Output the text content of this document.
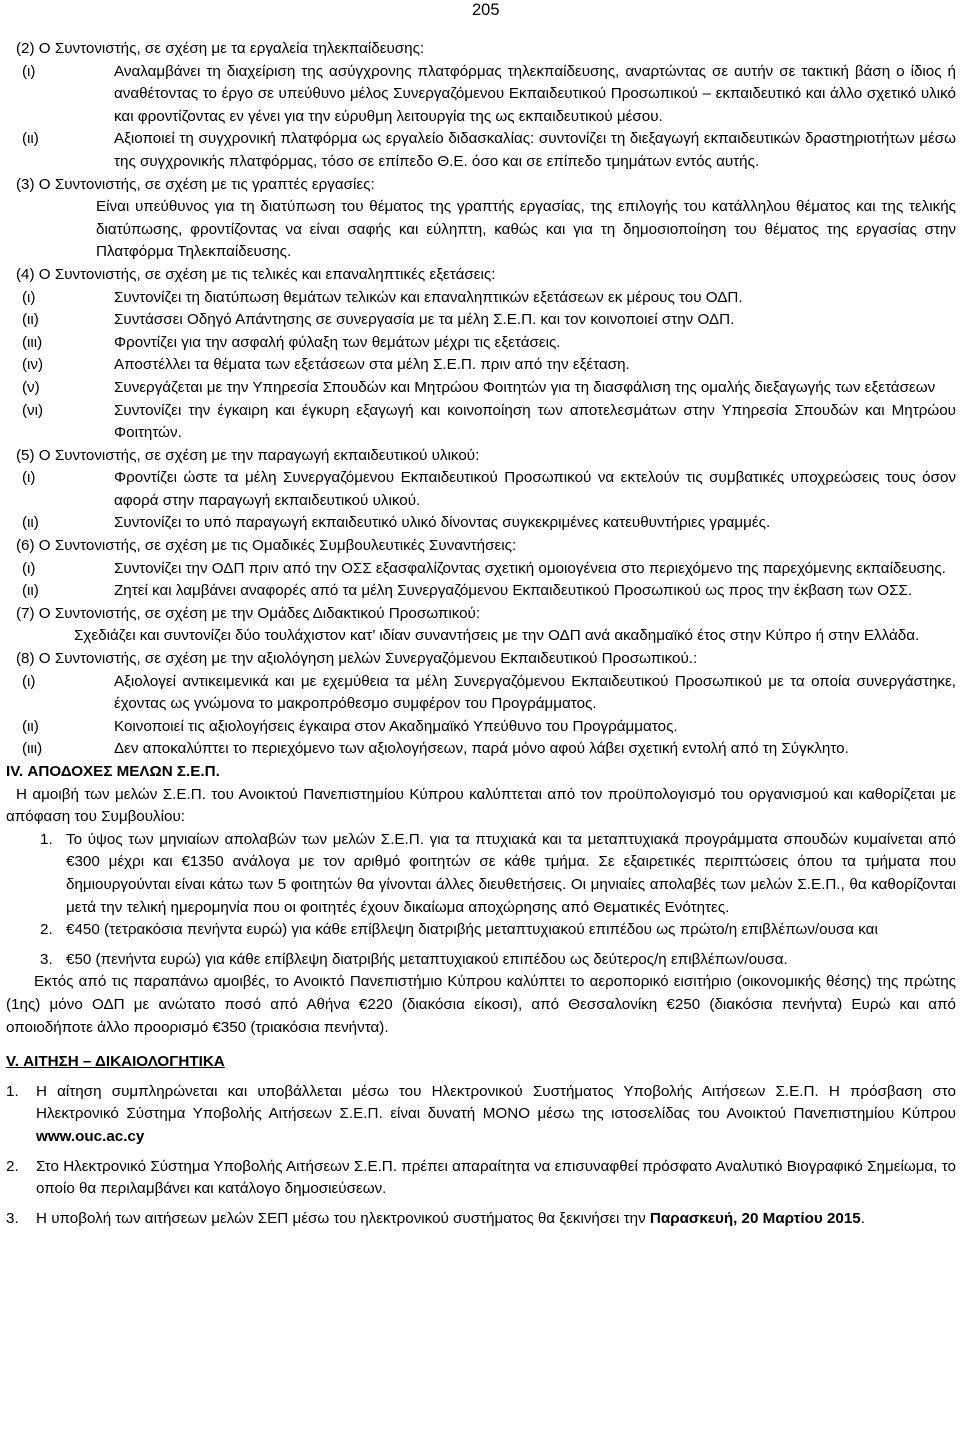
205

(2) Ο Συντονιστής, σε σχέση με τα εργαλεία τηλεκπαίδευσης:

(ι)	Αναλαμβάνει τη διαχείριση της ασύγχρονης πλατφόρμας τηλεκπαίδευσης, αναρτώντας σε αυτήν σε τακτική βάση ο ίδιος ή αναθέτοντας το έργο σε υπεύθυνο μέλος Συνεργαζόμενου Εκπαιδευτικού Προσωπικού – εκπαιδευτικό και άλλο σχετικό υλικό και φροντίζοντας εν γένει για την εύρυθμη λειτουργία της ως εκπαιδευτικού μέσου.
(ιι)	Αξιοποιεί τη συγχρονική πλατφόρμα ως εργαλείο διδασκαλίας: συντονίζει τη διεξαγωγή εκπαιδευτικών δραστηριοτήτων μέσω της συγχρονικής πλατφόρμας, τόσο σε επίπεδο Θ.Ε. όσο και σε επίπεδο τμημάτων εντός αυτής.

(3) Ο Συντονιστής, σε σχέση με τις γραπτές εργασίες:

Είναι υπεύθυνος για τη διατύπωση του θέματος της γραπτής εργασίας, της επιλογής του κατάλληλου θέματος και της τελικής διατύπωσης, φροντίζοντας να είναι σαφής και εύληπτη, καθώς και για τη δημοσιοποίηση του θέματος της εργασίας στην Πλατφόρμα Τηλεκπαίδευσης.

(4) Ο Συντονιστής, σε σχέση με τις τελικές και επαναληπτικές εξετάσεις:

(ι)	Συντονίζει τη διατύπωση θεμάτων τελικών και επαναληπτικών εξετάσεων εκ μέρους του ΟΔΠ.
(ιι)	Συντάσσει Οδηγό Απάντησης σε συνεργασία με τα μέλη Σ.Ε.Π. και τον κοινοποιεί στην ΟΔΠ.
(ιιι)	Φροντίζει για την ασφαλή φύλαξη των θεμάτων μέχρι τις εξετάσεις.
(ιν)	Αποστέλλει τα θέματα των εξετάσεων στα μέλη Σ.Ε.Π. πριν από την εξέταση.
(ν)	Συνεργάζεται με την Υπηρεσία Σπουδών και Μητρώου Φοιτητών για τη διασφάλιση της ομαλής διεξαγωγής των εξετάσεων
(νι)	Συντονίζει την έγκαιρη και έγκυρη εξαγωγή και κοινοποίηση των αποτελεσμάτων στην Υπηρεσία Σπουδών και Μητρώου Φοιτητών.

(5) Ο Συντονιστής, σε σχέση με την παραγωγή εκπαιδευτικού υλικού:

(ι)	Φροντίζει ώστε τα μέλη Συνεργαζόμενου Εκπαιδευτικού Προσωπικού να εκτελούν τις συμβατικές υποχρεώσεις τους όσον αφορά στην παραγωγή εκπαιδευτικού υλικού.
(ιι)	Συντονίζει το υπό παραγωγή εκπαιδευτικό υλικό δίνοντας συγκεκριμένες κατευθυντήριες γραμμές.

(6) Ο Συντονιστής, σε σχέση με τις Ομαδικές Συμβουλευτικές Συναντήσεις:

(ι)	Συντονίζει την ΟΔΠ πριν από την ΟΣΣ εξασφαλίζοντας σχετική ομοιογένεια στο περιεχόμενο της παρεχόμενης εκπαίδευσης.
(ιι)	Ζητεί και λαμβάνει αναφορές από τα μέλη Συνεργαζόμενου Εκπαιδευτικού Προσωπικού ως προς την έκβαση των ΟΣΣ.

(7) Ο Συντονιστής, σε σχέση με την Ομάδες Διδακτικού Προσωπικού:

Σχεδιάζει και συντονίζει δύο τουλάχιστον κατ’ ιδίαν συναντήσεις με την ΟΔΠ ανά ακαδημαϊκό έτος στην Κύπρο ή στην Ελλάδα.

(8) Ο Συντονιστής, σε σχέση με την αξιολόγηση μελών Συνεργαζόμενου Εκπαιδευτικού Προσωπικού.:

(ι)	Αξιολογεί αντικειμενικά και με εχεμύθεια τα μέλη Συνεργαζόμενου Εκπαιδευτικού Προσωπικού με τα οποία συνεργάστηκε, έχοντας ως γνώμονα το μακροπρόθεσμο συμφέρον του Προγράμματος.
(ιι)	Κοινοποιεί τις αξιολογήσεις έγκαιρα στον Ακαδημαϊκό Υπεύθυνο του Προγράμματος.
(ιιι)	Δεν αποκαλύπτει το περιεχόμενο των αξιολογήσεων, παρά μόνο αφού λάβει σχετική εντολή από τη Σύγκλητο.

IV. ΑΠΟΔΟΧΕΣ ΜΕΛΩΝ Σ.Ε.Π.

Η αμοιβή των μελών Σ.Ε.Π. του Ανοικτού Πανεπιστημίου Κύπρου καλύπτεται από τον προϋπολογισμό του οργανισμού και καθορίζεται με απόφαση του Συμβουλίου:

1. Το ύψος των μηνιαίων απολαβών των μελών Σ.Ε.Π. για τα πτυχιακά και τα μεταπτυχιακά προγράμματα σπουδών κυμαίνεται από €300 μέχρι και €1350 ανάλογα με τον αριθμό φοιτητών σε κάθε τμήμα. Σε εξαιρετικές περιπτώσεις όπου τα τμήματα που δημιουργούνται είναι κάτω των 5 φοιτητών θα γίνονται άλλες διευθετήσεις. Οι μηνιαίες απολαβές των μελών Σ.Ε.Π., θα καθορίζονται μετά την τελική ημερομηνία που οι φοιτητές έχουν δικαίωμα αποχώρησης από Θεματικές Ενότητες.
2. €450 (τετρακόσια πενήντα ευρώ) για κάθε επίβλεψη διατριβής μεταπτυχιακού επιπέδου ως πρώτο/η επιβλέπων/ουσα και
3. €50 (πενήντα ευρώ) για κάθε επίβλεψη διατριβής μεταπτυχιακού επιπέδου ως δεύτερος/η επιβλέπων/ουσα.

Εκτός από τις παραπάνω αμοιβές, το Ανοικτό Πανεπιστήμιο Κύπρου καλύπτει το αεροπορικό εισιτήριο (οικονομικής θέσης) της πρώτης (1ης) μόνο ΟΔΠ με ανώτατο ποσό από Αθήνα €220 (διακόσια είκοσι), από Θεσσαλονίκη €250 (διακόσια πενήντα) Ευρώ και από οποιοδήποτε άλλο προορισμό €350 (τριακόσια πενήντα).

V. ΑΙΤΗΣΗ – ΔΙΚΑΙΟΛΟΓΗΤΙΚΑ

1.	Η αίτηση συμπληρώνεται και υποβάλλεται μέσω του Ηλεκτρονικού Συστήματος Υποβολής Αιτήσεων Σ.Ε.Π. Η πρόσβαση στο Ηλεκτρονικό Σύστημα Υποβολής Αιτήσεων Σ.Ε.Π. είναι δυνατή ΜΟΝΟ μέσω της ιστοσελίδας του Ανοικτού Πανεπιστημίου Κύπρου www.ouc.ac.cy
2.	Στο Ηλεκτρονικό Σύστημα Υποβολής Αιτήσεων Σ.Ε.Π. πρέπει απαραίτητα να επισυναφθεί πρόσφατο Αναλυτικό Βιογραφικό Σημείωμα, το οποίο θα περιλαμβάνει και κατάλογο δημοσιεύσεων.
3.	Η υποβολή των αιτήσεων μελών ΣΕΠ μέσω του ηλεκτρονικού συστήματος θα ξεκινήσει την Παρασκευή, 20 Μαρτίου 2015.
